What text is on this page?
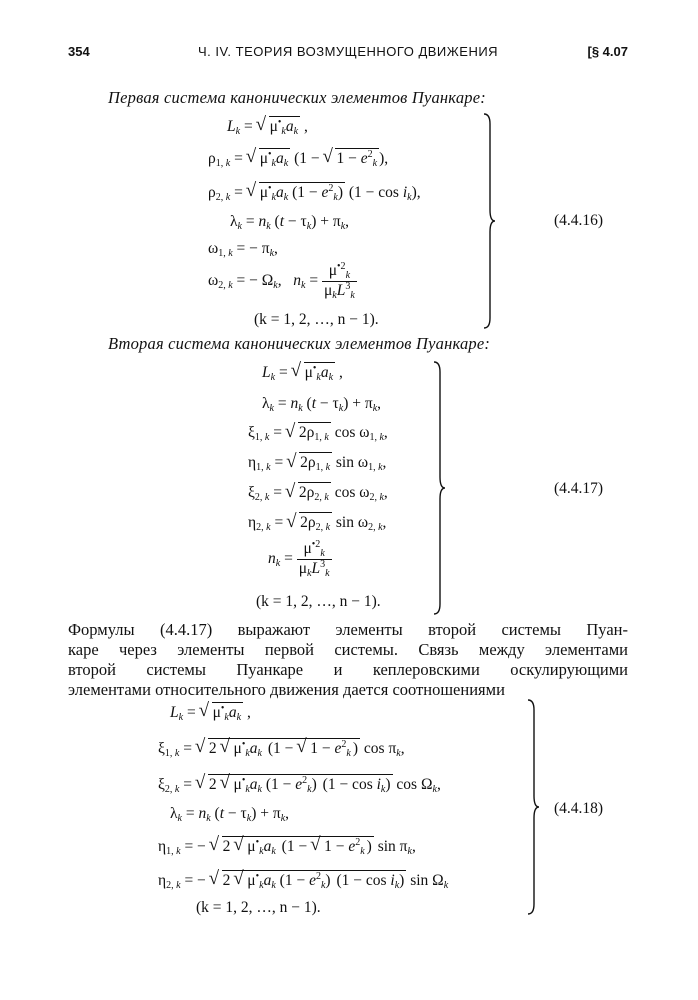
354	Ч. IV. ТЕОРИЯ ВОЗМУЩЕННОГО ДВИЖЕНИЯ	[§ 4.07
Первая система канонических элементов Пуанкаре:
$L_k$ = √ $\mu^•_ka_k$ ,
$\rho_{1, k}$ = √ $\mu^•_ka_k$ (1 − √ $1 - e^2_k$ ),
$\rho_{2, k}$ = √ $\mu^•_ka_k$ $(1 - e^2_k)$ $(1 - \cos i_k)$,
$\lambda_k = n_k$ $(t - \tau_k) + \pi_k$,
$\omega_{1, k}$ = − $\pi_k$,
$\omega_{2, k}$ = − $\Omega_k$,   $n_k = \frac{\mu^{•2}_k}{\mu_kL^3_k}$
(k = 1, 2, …, n − 1).
(4.4.16)
Вторая система канонических элементов Пуанкаре:
$L_k$ = √ $\mu^•_ka_k$ ,
$\lambda_k = n_k$ $(t - \tau_k) + \pi_k$,
$\xi_{1, k}$ = √ $2\rho_{1, k}$ $\cos \omega_{1, k}$,
$\eta_{1, k}$ = √ $2\rho_{1, k}$ $\sin \omega_{1, k}$,
$\xi_{2, k}$ = √ $2\rho_{2, k}$ $\cos \omega_{2, k}$,
$\eta_{2, k}$ = √ $2\rho_{2, k}$ $\sin \omega_{2, k}$,
$n_k = \frac{\mu^{•2}_k}{\mu_kL^3_k}$
(k = 1, 2, …, n − 1).
(4.4.17)
Формулы (4.4.17) выражают элементы второй системы Пуан-
каре через элементы первой системы. Связь между элементами
второй системы Пуанкаре и кеплеровскими оскулирующими
элементами относительного движения дается соотношениями
$L_k$ = √ $\mu^•_ka_k$ ,
$\xi_{1, k}$ = √ 2 √ $\mu^•_ka_k$ (1 − √ $1 - e^2_k$ ) $\cos \pi_k$,
$\xi_{2, k}$ = √ 2 √ $\mu^•_ka_k$ $(1 - e^2_k)$ $(1 - \cos i_k)$ $\cos \Omega_k$,
$\lambda_k = n_k$ $(t - \tau_k) + \pi_k$,
$\eta_{1, k}$ = − √ 2 √ $\mu^•_ka_k$ (1 − √ $1 - e^2_k$ ) $\sin \pi_k$,
$\eta_{2, k}$ = − √ 2 √ $\mu^•_ka_k$ $(1 - e^2_k)$ $(1 - \cos i_k)$ $\sin \Omega_k$
(k = 1, 2, …, n − 1).
(4.4.18)
